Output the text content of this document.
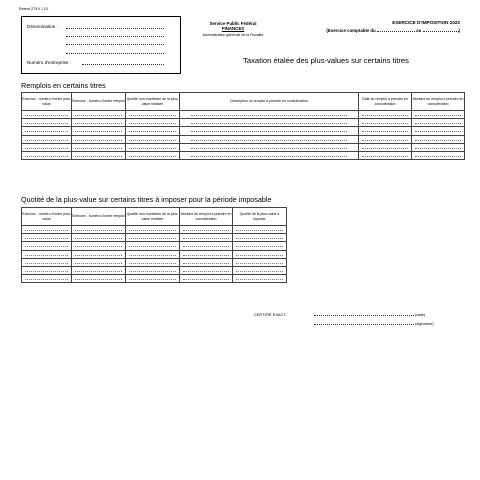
Relevé 275 K | 1/1
Dénomination :
Numéro d'entreprise :
Service Public Fédéral
FINANCES
Administration générale de la Fiscalité
EXERCICE D'IMPOSITION 2023
(Exercice comptable du	au	)
Taxation étalée des plus-values sur certains titres
Remplois en certains titres
Exercice - numéro d'ordre plus-value	Exercice - numéro d'ordre remploi	Quotité non monétaire de la plus-value réalisée	Description du remploi à prendre en considération	Date du remploi à prendre en considération	Montant du remploi à prendre en considération

Quotité de la plus-value sur certains titres à imposer pour la période imposable
Exercice - numéro d'ordre plus-value	Exercice - numéro d'ordre remploi	Quotité non monétaire de la plus-value réalisée	Montant du remploi à prendre en considération	Quotité de la plus-value à imposer

CERTIFIÉ EXACT,	(date)
(signature)
